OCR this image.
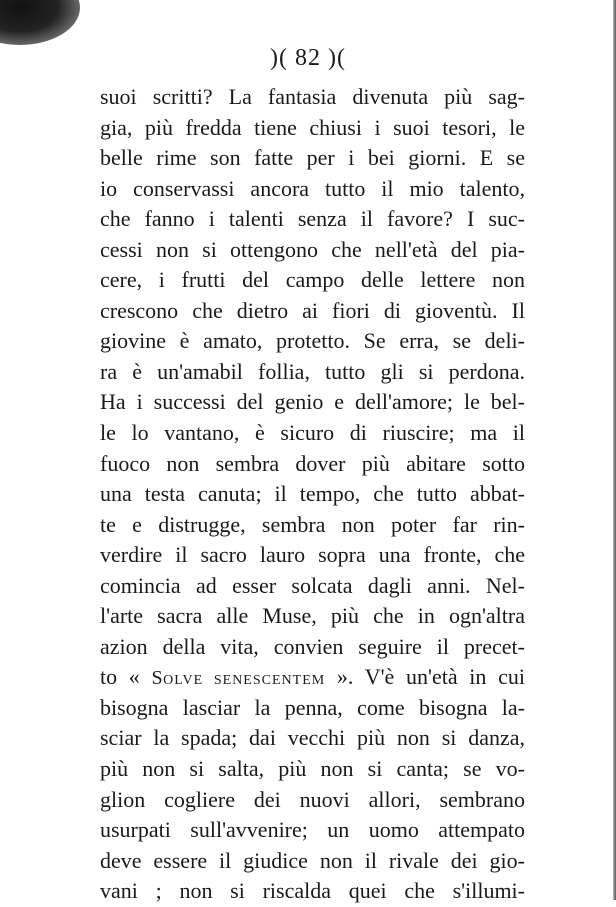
)( 82 )(
suoi scritti? La fantasia divenuta più sag-
gia, più fredda tiene chiusi i suoi tesori, le
belle rime son fatte per i bei giorni. E se
io conservassi ancora tutto il mio talento,
che fanno i talenti senza il favore? I suc-
cessi non si ottengono che nell'età del pia-
cere, i frutti del campo delle lettere non
crescono che dietro ai fiori di gioventù. Il
giovine è amato, protetto. Se erra, se deli-
ra è un'amabil follia, tutto gli si perdona.
Ha i successi del genio e dell'amore; le bel-
le lo vantano, è sicuro di riuscire; ma il
fuoco non sembra dover più abitare sotto
una testa canuta; il tempo, che tutto abbat-
te e distrugge, sembra non poter far rin-
verdire il sacro lauro sopra una fronte, che
comincia ad esser solcata dagli anni. Nel-
l'arte sacra alle Muse, più che in ogn'altra
azion della vita, convien seguire il precet-
to « SOLVE SENESCENTEM ». V'è un'età in cui
bisogna lasciar la penna, come bisogna la-
sciar la spada; dai vecchi più non si danza,
più non si salta, più non si canta; se vo-
glion cogliere dei nuovi allori, sembrano
usurpati sull'avvenire; un uomo attempato
deve essere il giudice non il rivale dei gio-
vani ; non si riscalda quei che s'illumi-
